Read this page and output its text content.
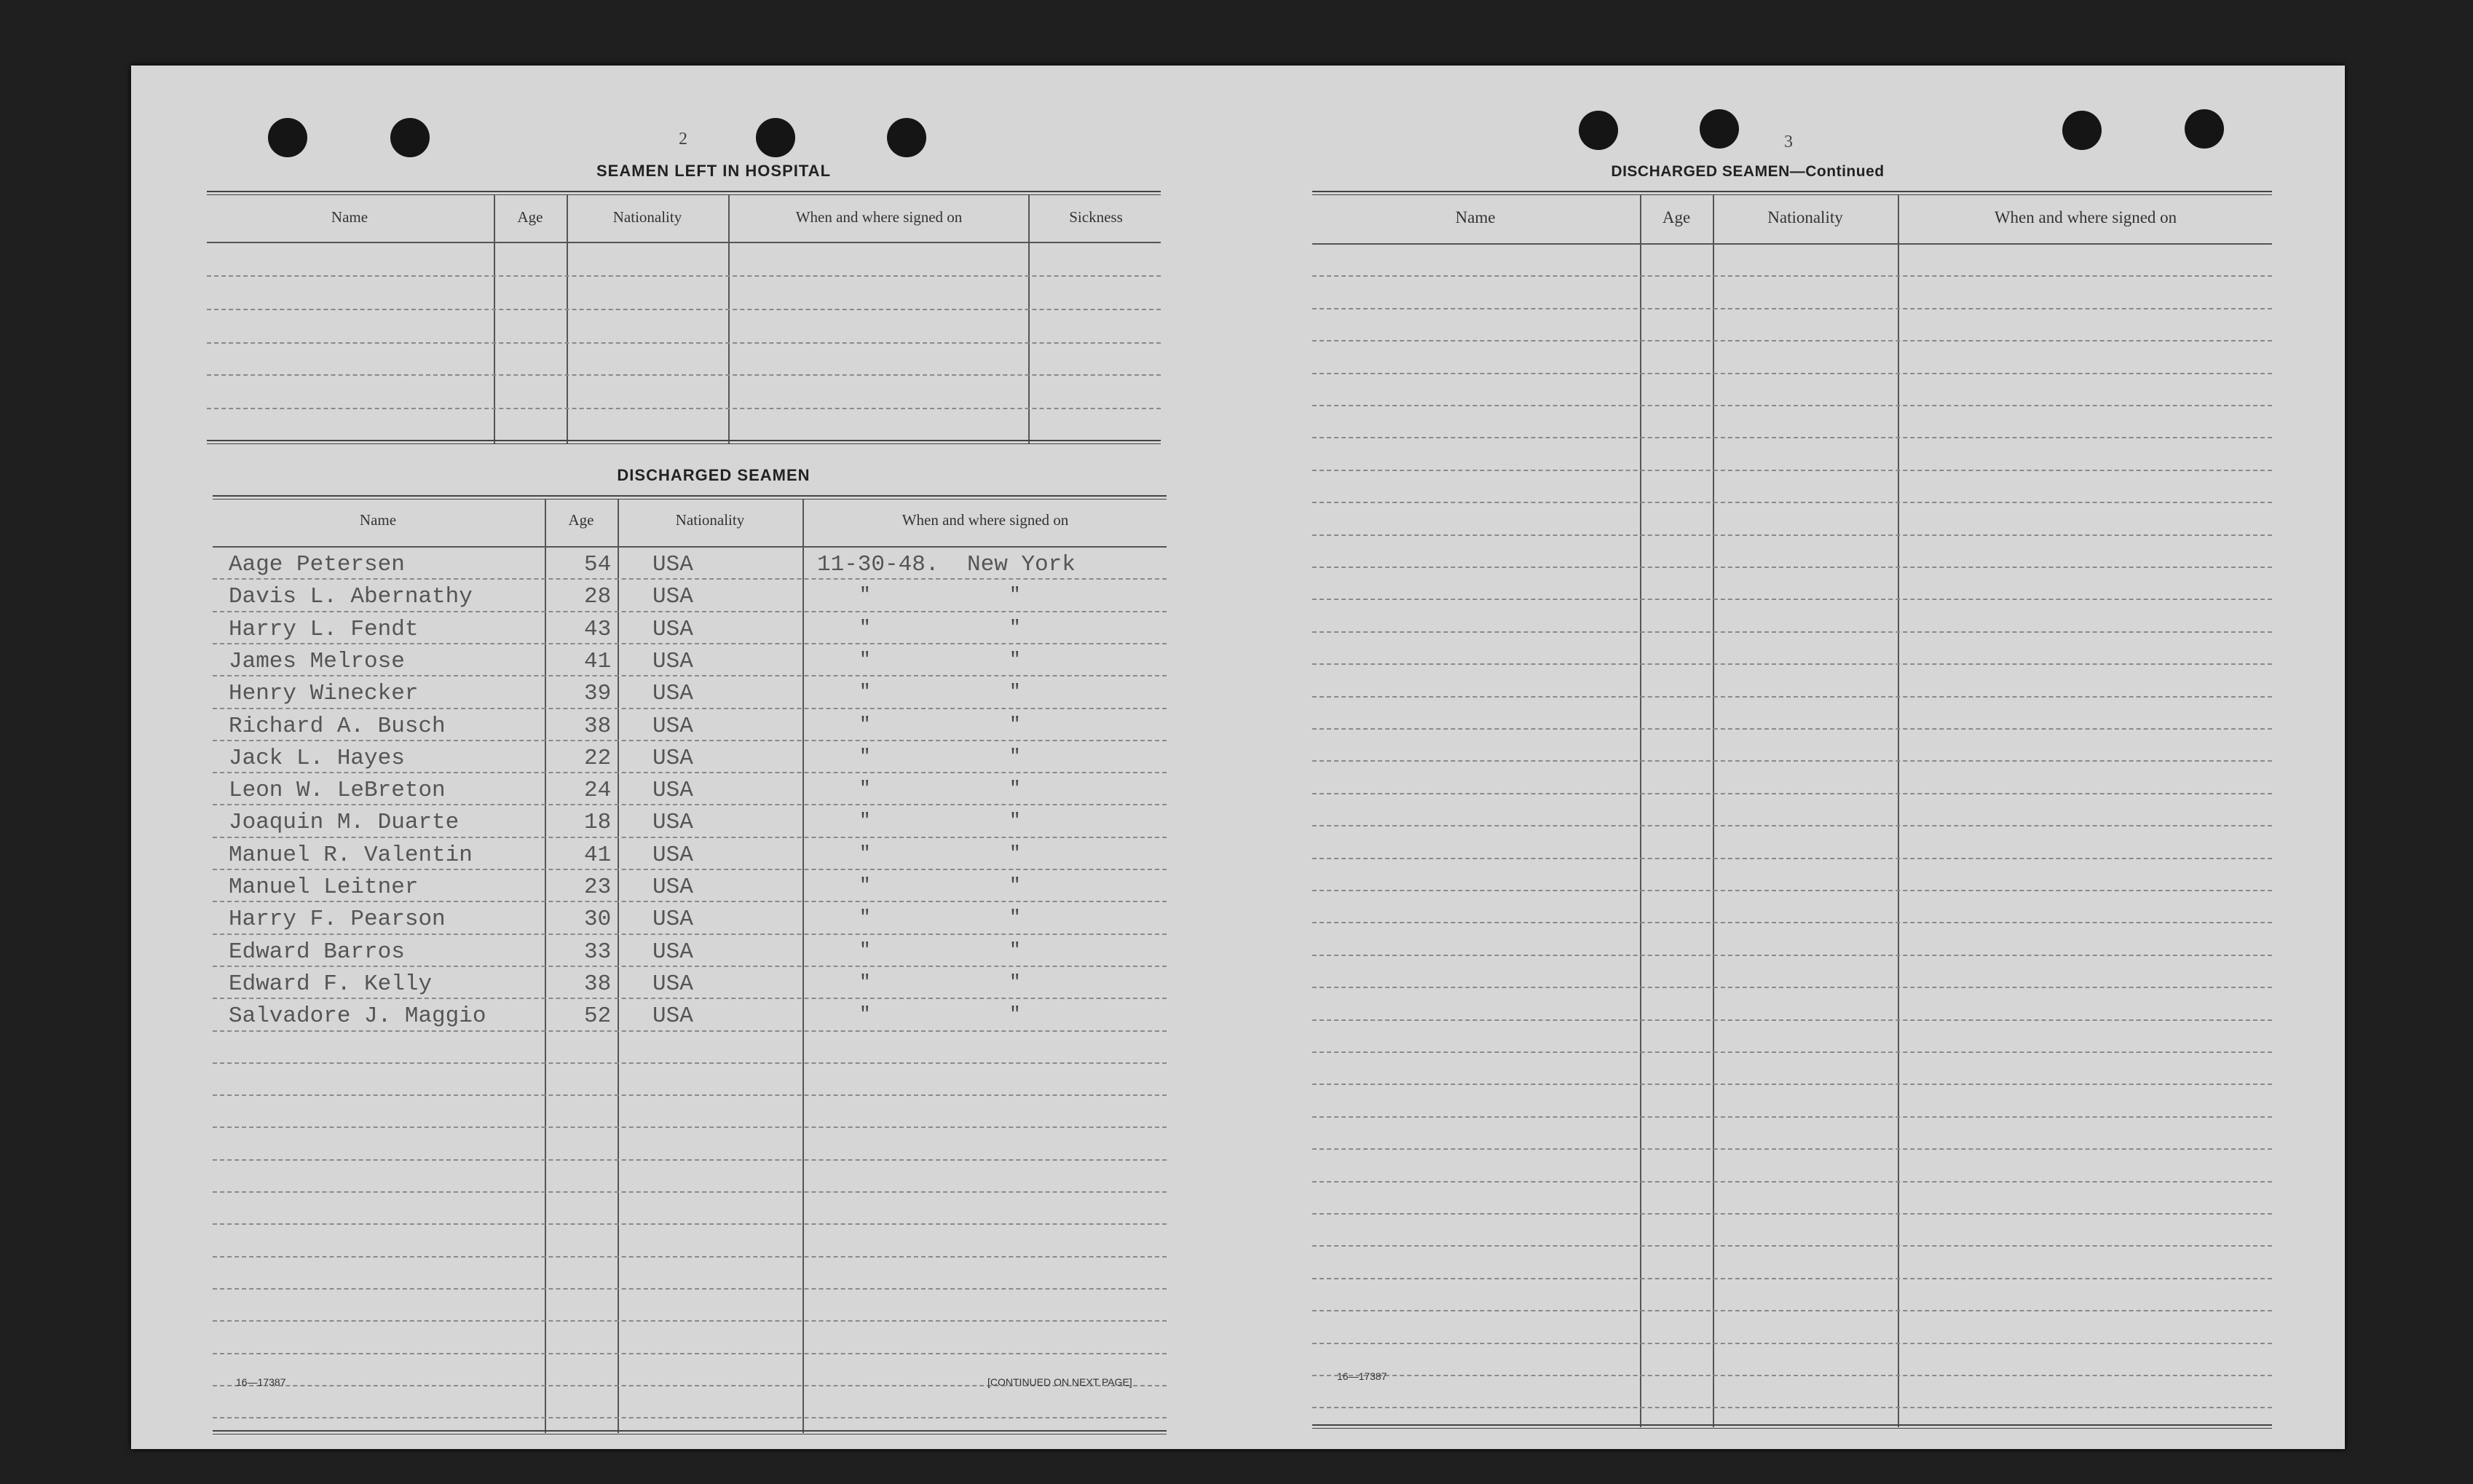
2
SEAMEN LEFT IN HOSPITAL
Name	Age	Nationality	When and where signed on	Sickness
DISCHARGED SEAMEN
Name	Age	Nationality	When and where signed on
Aage Petersen	54 USA	11-30-48. New York
Davis L. Abernathy	28 USA	"	"
Harry L. Fendt	43 USA	"	"
James Melrose	41 USA	"	"
Henry Winecker	39 USA	"	"
Richard A. Busch	38 USA	"	"
Jack L. Hayes	22 USA	"	"
Leon W. LeBreton	24 USA	"	"
Joaquin M. Duarte	18 USA	"	"
Manuel R. Valentin	41 USA	"	"
Manuel Leitner	23 USA	"	"
Harry F. Pearson	30 USA	"	"
Edward Barros	33 USA	"	"
Edward F. Kelly	38 USA	"	"
Salvadore J. Maggio	52 USA	"	"
16—17387	[CONTINUED ON NEXT PAGE]
3
DISCHARGED SEAMEN—Continued
Name	Age	Nationality	When and where signed on
16—17387
